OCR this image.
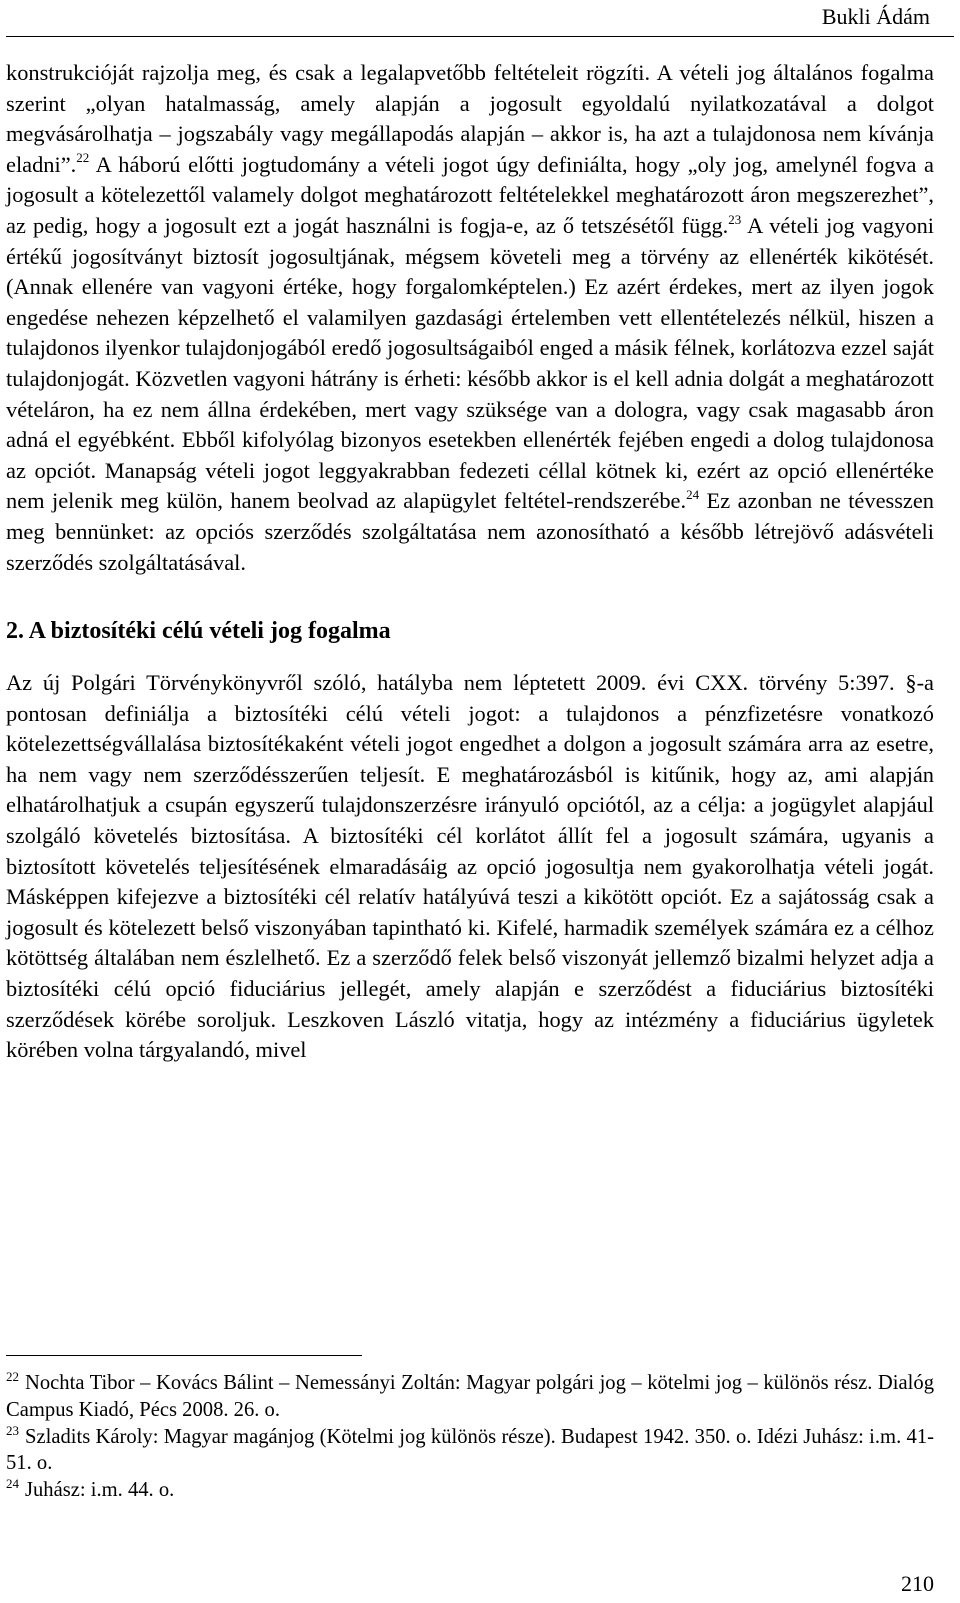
Bukli Ádám

konstrukcióját rajzolja meg, és csak a legalapvetőbb feltételeit rögzíti. A vételi jog általános fogalma szerint „olyan hatalmasság, amely alapján a jogosult egyoldalú nyilatkozatával a dolgot megvásárolhatja – jogszabály vagy megállapodás alapján – akkor is, ha azt a tulajdonosa nem kívánja eladni”.$^{22}$ A háború előtti jogtudomány a vételi jogot úgy definiálta, hogy „oly jog, amelynél fogva a jogosult a kötelezettől valamely dolgot meghatározott feltételekkel meghatározott áron megszerezhet”, az pedig, hogy a jogosult ezt a jogát használni is fogja-e, az ő tetszésétől függ.$^{23}$ A vételi jog vagyoni értékű jogosítványt biztosít jogosultjának, mégsem követeli meg a törvény az ellenérték kikötését. (Annak ellenére van vagyoni értéke, hogy forgalomképtelen.) Ez azért érdekes, mert az ilyen jogok engedése nehezen képzelhető el valamilyen gazdasági értelemben vett ellentételezés nélkül, hiszen a tulajdonos ilyenkor tulajdonjogából eredő jogosultságaiból enged a másik félnek, korlátozva ezzel saját tulajdonjogát. Közvetlen vagyoni hátrány is érheti: később akkor is el kell adnia dolgát a meghatározott vételáron, ha ez nem állna érdekében, mert vagy szüksége van a dologra, vagy csak magasabb áron adná el egyébként. Ebből kifolyólag bizonyos esetekben ellenérték fejében engedi a dolog tulajdonosa az opciót. Manapság vételi jogot leggyakrabban fedezeti céllal kötnek ki, ezért az opció ellenértéke nem jelenik meg külön, hanem beolvad az alapügylet feltétel-rendszerébe.$^{24}$ Ez azonban ne tévesszen meg bennünket: az opciós szerződés szolgáltatása nem azonosítható a később létrejövő adásvételi szerződés szolgáltatásával.

2. A biztosítéki célú vételi jog fogalma

Az új Polgári Törvénykönyvről szóló, hatályba nem léptetett 2009. évi CXX. törvény 5:397. §-a pontosan definiálja a biztosítéki célú vételi jogot: a tulajdonos a pénzfizetésre vonatkozó kötelezettségvállalása biztosítékaként vételi jogot engedhet a dolgon a jogosult számára arra az esetre, ha nem vagy nem szerződésszerűen teljesít. E meghatározásból is kitűnik, hogy az, ami alapján elhatárolhatjuk a csupán egyszerű tulajdonszerzésre irányuló opciótól, az a célja: a jogügylet alapjául szolgáló követelés biztosítása. A biztosítéki cél korlátot állít fel a jogosult számára, ugyanis a biztosított követelés teljesítésének elmaradásáig az opció jogosultja nem gyakorolhatja vételi jogát. Másképpen kifejezve a biztosítéki cél relatív hatályúvá teszi a kikötött opciót. Ez a sajátosság csak a jogosult és kötelezett belső viszonyában tapintható ki. Kifelé, harmadik személyek számára ez a célhoz kötöttség általában nem észlelhető. Ez a szerződő felek belső viszonyát jellemző bizalmi helyzet adja a biztosítéki célú opció fiduciárius jellegét, amely alapján e szerződést a fiduciárius biztosítéki szerződések körébe soroljuk. Leszkoven László vitatja, hogy az intézmény a fiduciárius ügyletek körében volna tárgyalandó, mivel

$^{22}$ Nochta Tibor – Kovács Bálint – Nemessányi Zoltán: Magyar polgári jog – kötelmi jog – különös rész. Dialóg Campus Kiadó, Pécs 2008. 26. o.

$^{23}$ Szladits Károly: Magyar magánjog (Kötelmi jog különös része). Budapest 1942. 350. o. Idézi Juhász: i.m. 41-51. o.

$^{24}$ Juhász: i.m. 44. o.

210
